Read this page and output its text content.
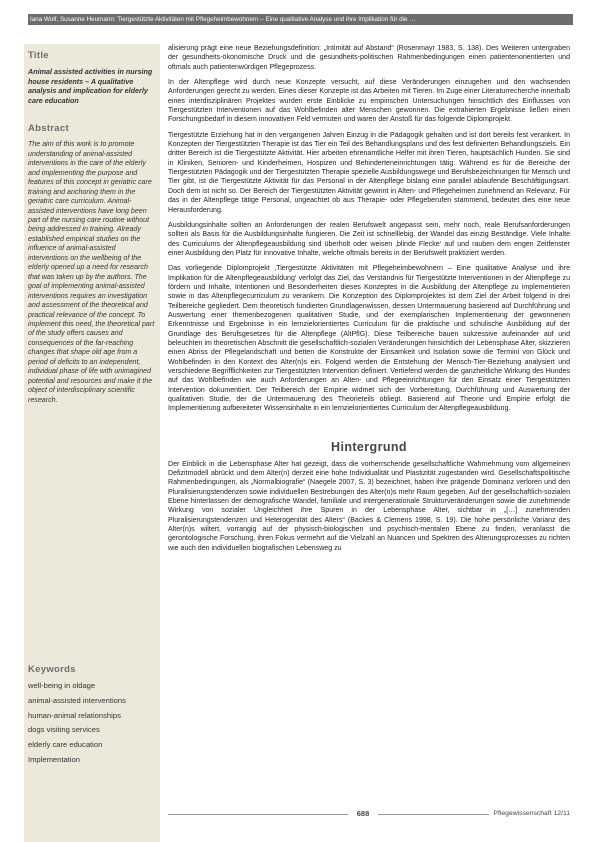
Iana Wolf, Susanne Heumann: Tiergestützte Aktivitäten mit Pflegeheimbewohnern – Eine qualitative Analyse und ihre Implikation für die …
Title

Animal assisted activities in nursing house residents – A qualitative analysis and implication for elderly care education

Abstract

The aim of this work is to promote understanding of animal-assisted interventions in the care of the elderly and implementing the purpose and features of this concept in geriatric care training and anchoring them in the geriatric care curriculum. Animal-assisted interventions have long been part of the nursing care routine without being addressed in training. Already established empirical studies on the influence of animal-assisted interventions on the wellbeing of the elderly opened up a need for research that was taken up by the authors. The goal of implementing animal-assisted interventions requires an investigation and assessment of the theoretical and practical relevance of the concept. To implement this need, the theoretical part of the study offers causes and consequences of the far-reaching changes that shape old age from a period of deficits to an independent, individual phase of life with unimagined potential and resources and make it the object of interdisciplinary scientific research.

Keywords
well-being in oldage
animal-assisted interventions
human-animal relationships
dogs visiting services
elderly care education
Implementation

alisierung prägt eine neue Beziehungsdefinition: „Intimität auf Abstand“ (Rosenmayr 1983, S. 138). Des Weiteren untergraben der gesundheits-ökonomische Druck und die gesundheits-politischen Rahmenbedingungen einen patientenorientierten und oftmals auch patientenwürdigen Pflegeprozess.

In der Altenpflege wird durch neue Konzepte versucht, auf diese Veränderungen einzugehen und den wachsenden Anforderungen gerecht zu werden. Eines dieser Konzepte ist das Arbeiten mit Tieren. Im Zuge einer Literaturrecherche innerhalb eines interdisziplinären Projektes wurden erste Einblicke zu empirischen Untersuchungen hinsichtlich des Einflusses von Tiergestützten Interventionen auf das Wohlbefinden alter Menschen gewonnen. Die extrahierten Ergebnisse ließen einen Forschungsbedarf in diesem innovativen Feld vermuten und waren der Anstoß für das folgende Diplomprojekt.

Tiergestützte Erziehung hat in den vergangenen Jahren Einzug in die Pädagogik gehalten und ist dort bereits fest verankert. In Konzepten der Tiergestützten Therapie ist das Tier ein Teil des Behandlungsplans und des fest definierten Behandlungsziels. Ein dritter Bereich ist die Tiergestützte Aktivität. Hier arbeiten ehrenamtliche Helfer mit ihren Tieren, hauptsächlich Hunden. Sie sind in Kliniken, Senioren- und Kinderheimen, Hospizen und Behinderteneinrichtungen tätig. Während es für die Bereiche der Tiergestützten Pädagogik und der Tiergestützten Therapie spezielle Ausbildungswege und Berufsbezeichnungen für Mensch und Tier gibt, ist die Tiergestützte Aktivität für das Personal in der Altenpflege bislang eine parallel ablaufende Beschäftigungsart. Doch dem ist nicht so. Der Bereich der Tiergestützten Aktivität gewinnt in Alten- und Pflegeheimen zunehmend an Relevanz. Für das in der Altenpflege tätige Personal, ungeachtet ob aus Therapie- oder Pflegeberufen stammend, bedeutet dies eine neue Herausforderung.

Ausbildungsinhalte sollten an Anforderungen der realen Berufswelt angepasst sein, mehr noch, reale Berufsanforderungen sollten als Basis für die Ausbildungsinhalte fungieren. Die Zeit ist schnelllebig, der Wandel das einzig Beständige. Viele Inhalte des Curriculums der Altenpflegeausbildung sind überholt oder weisen ‚blinde Flecke‘ auf und rauben dem engen Zeitfenster einer Ausbildung den Platz für innovative Inhalte, welche oftmals bereits in der Berufswelt praktiziert werden.

Das vorliegende Diplomprojekt ‚Tiergestützte Aktivitäten mit Pflegeheimbewohnern – Eine qualitative Analyse und ihre Implikation für die Altenpflegeausbildung‘ verfolgt das Ziel, das Verständnis für Tiergestützte Interventionen in der Altenpflege zu fördern und Inhalte, Intentionen und Besonderheiten dieses Konzeptes in die Ausbildung der Altenpflege zu implementieren sowie in das Altenpflegecurriculum zu verankern. Die Konzeption des Diplomprojektes ist dem Ziel der Arbeit folgend in drei Teilbereiche gegliedert. Dem theoretisch fundierten Grundlagenwissen, dessen Untermauerung basierend auf Durchführung und Auswertung einer themenbezogenen qualitativen Studie, und der exemplarischen Implementierung der gewonnenen Erkenntnisse und Ergebnisse in ein lernzielorientiertes Curriculum für die praktische und schulische Ausbildung auf der Grundlage des Berufsgesetzes für die Altenpflege (AltPflG). Diese Teilbereiche bauen sukzessive aufeinander auf und beleuchten im theoretischen Abschnitt die gesellschaftlich-sozialen Veränderungen hinsichtlich der Lebensphase Alter, skizzieren einen Abriss der Pflegelandschaft und betten die Konstrukte der Einsamkeit und Isolation sowie die Termini von Glück und Wohlbefinden in den Kontext des Alter(n)s ein. Folgend werden die Entstehung der Mensch-Tier-Beziehung analysiert und verschiedene Begrifflichkeiten zur Tiergestützten Intervention definiert. Vertiefend werden die ganzheitliche Wirkung des Hundes auf das Wohlbefinden wie auch Anforderungen an Alten- und Pflegeeinrichtungen für den Einsatz einer Tiergestützten Intervention dokumentiert. Der Teilbereich der Empirie widmet sich der Vorbereitung, Durchführung und Auswertung der qualitativen Studie, der die Untermauerung des Theorieteils obliegt. Basierend auf Theorie und Empirie erfolgt die Implementierung aufbereiteter Wissensinhalte in ein lernzielorientiertes Curriculum der Altenpflegeausbildung.

Hintergrund

Der Einblick in die Lebensphase Alter hat gezeigt, dass die vorherrschende gesellschaftliche Wahrnehmung vom allgemeinen Defizitmodell abrückt und dem Alter(n) derzeit eine hohe Individualität und Plastizität zugestanden wird. Gesellschaftspolitische Rahmenbedingungen, als „Normalbiografie“ (Naegele 2007, S. 3) bezeichnet, haben ihre prägende Dominanz verloren und den Pluralisierungstendenzen sowie individuellen Bestrebungen des Alter(n)s mehr Raum gegeben. Auf der gesellschaftlich-sozialen Ebene hinterlassen der demografische Wandel, familiale und intergenerationale Strukturveränderungen sowie die zunehmende Wirkung von sozialer Ungleichheit ihre Spuren in der Lebensphase Alter, sichtbar in „[…] zunehmenden Pluralisierungstendenzen und Heterogenität des Alters“ (Backes & Clemens 1998, S. 19). Die hohe persönliche Varianz des Alter(n)s wiltert, vorrangig auf der physisch-biologischen und psychisch-mentalen Ebene zu finden, veranlasst die gerontologische Forschung, ihren Fokus vermehrt auf die Vielzahl an Nuancen und Spektren des Alterungsprozesses zu richten wie auch den individuellen biografischen Lebensweg zu

688	Pflegewissenschaft 12/11
